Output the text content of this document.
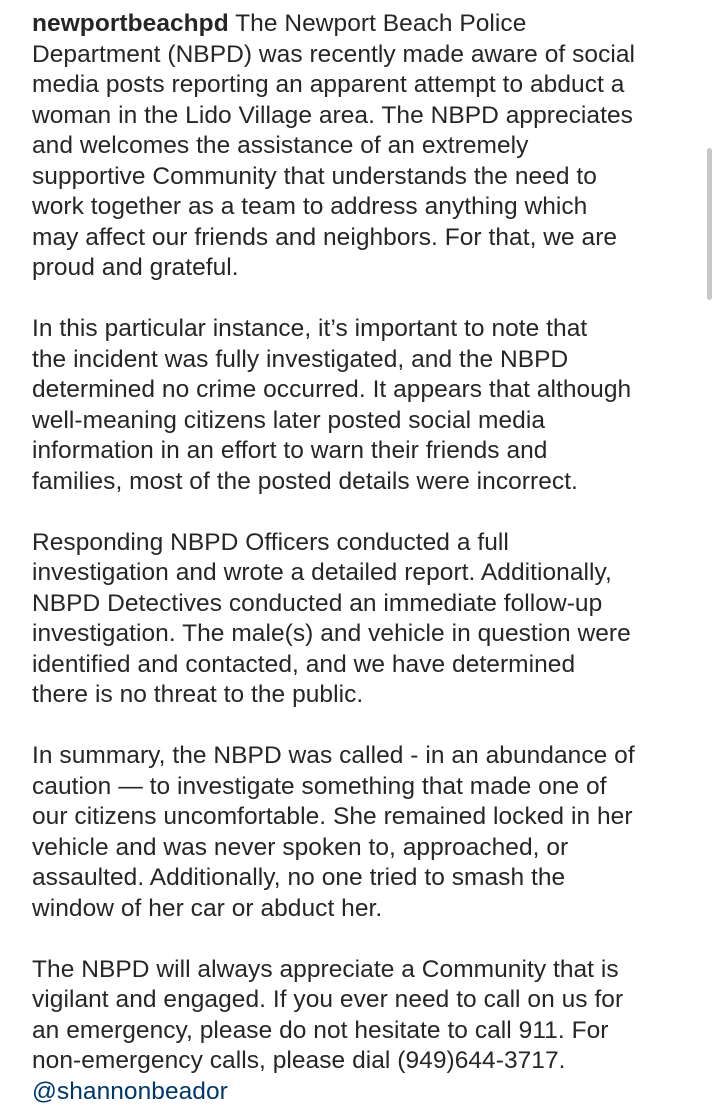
newportbeachpd The Newport Beach Police
Department (NBPD) was recently made aware of social
media posts reporting an apparent attempt to abduct a
woman in the Lido Village area. The NBPD appreciates
and welcomes the assistance of an extremely
supportive Community that understands the need to
work together as a team to address anything which
may affect our friends and neighbors. For that, we are
proud and grateful.

In this particular instance, it’s important to note that
the incident was fully investigated, and the NBPD
determined no crime occurred. It appears that although
well-meaning citizens later posted social media
information in an effort to warn their friends and
families, most of the posted details were incorrect.

Responding NBPD Officers conducted a full
investigation and wrote a detailed report. Additionally,
NBPD Detectives conducted an immediate follow-up
investigation. The male(s) and vehicle in question were
identified and contacted, and we have determined
there is no threat to the public.

In summary, the NBPD was called - in an abundance of
caution — to investigate something that made one of
our citizens uncomfortable. She remained locked in her
vehicle and was never spoken to, approached, or
assaulted. Additionally, no one tried to smash the
window of her car or abduct her.

The NBPD will always appreciate a Community that is
vigilant and engaged. If you ever need to call on us for
an emergency, please do not hesitate to call 911. For
non-emergency calls, please dial (949)644-3717.
@shannonbeador
